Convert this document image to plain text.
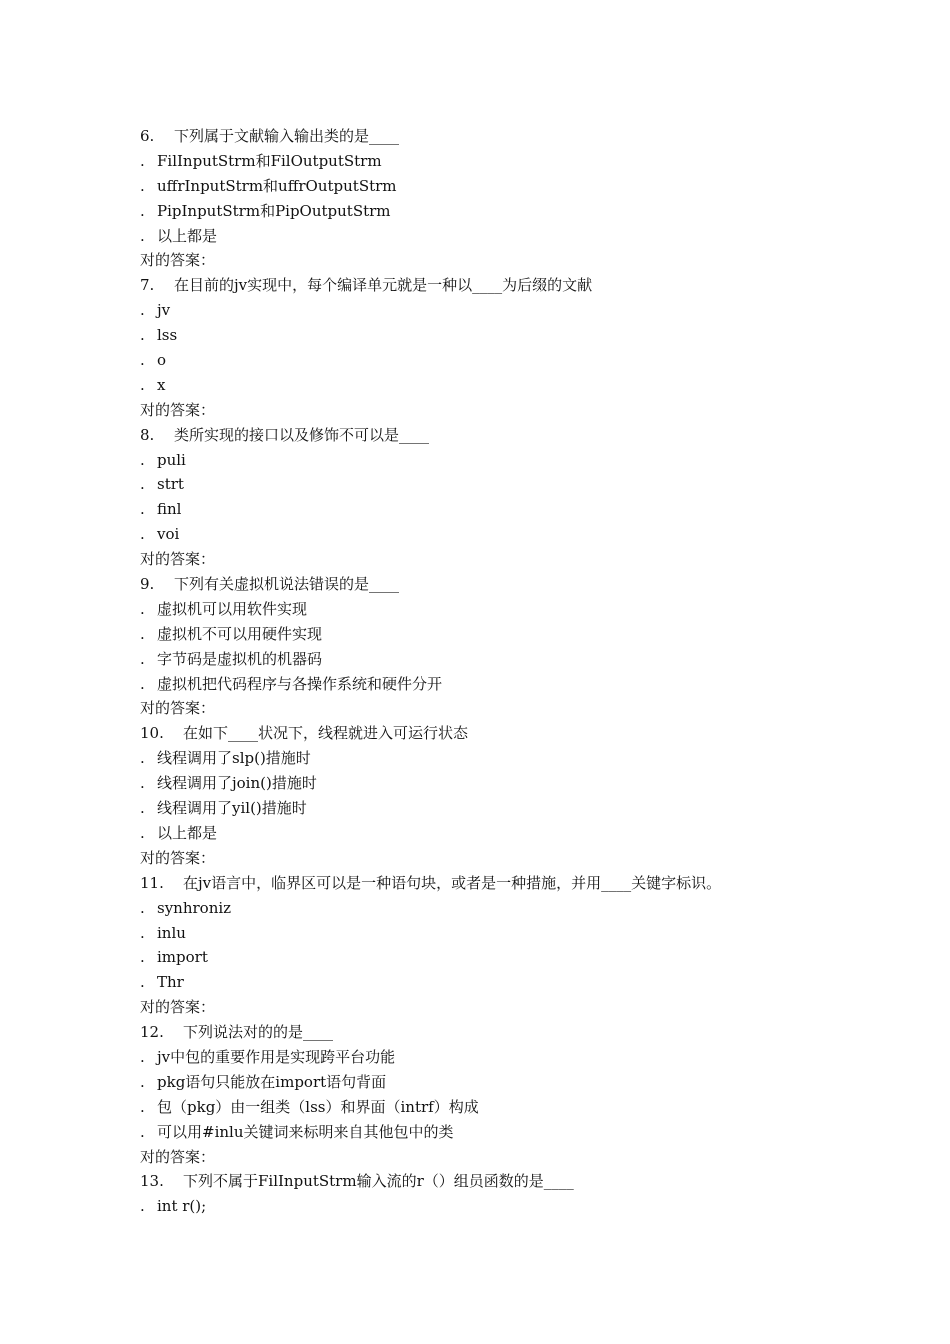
6. 下列属于文献输入输出类的是____
. FilInputStrm和FilOutputStrm
. uffrInputStrm和uffrOutputStrm
. PipInputStrm和PipOutputStrm
. 以上都是
对的答案：
7. 在目前的jv实现中，每个编译单元就是一种以____为后缀的文献
. jv
. lss
. o
. x
对的答案：
8. 类所实现的接口以及修饰不可以是____
. puli
. strt
. finl
. voi
对的答案：
9. 下列有关虚拟机说法错误的是____
. 虚拟机可以用软件实现
. 虚拟机不可以用硬件实现
. 字节码是虚拟机的机器码
. 虚拟机把代码程序与各操作系统和硬件分开
对的答案：
10. 在如下____状况下，线程就进入可运行状态
. 线程调用了slp()措施时
. 线程调用了join()措施时
. 线程调用了yil()措施时
. 以上都是
对的答案：
11. 在jv语言中，临界区可以是一种语句块，或者是一种措施，并用____关键字标识。
. synhroniz
. inlu
. import
. Thr
对的答案：
12. 下列说法对的的是____
. jv中包的重要作用是实现跨平台功能
. pkg语句只能放在import语句背面
. 包（pkg）由一组类（lss）和界面（intrf）构成
. 可以用#inlu关键词来标明来自其他包中的类
对的答案：
13. 下列不属于FilInputStrm输入流的r（）组员函数的是____
. int r();
